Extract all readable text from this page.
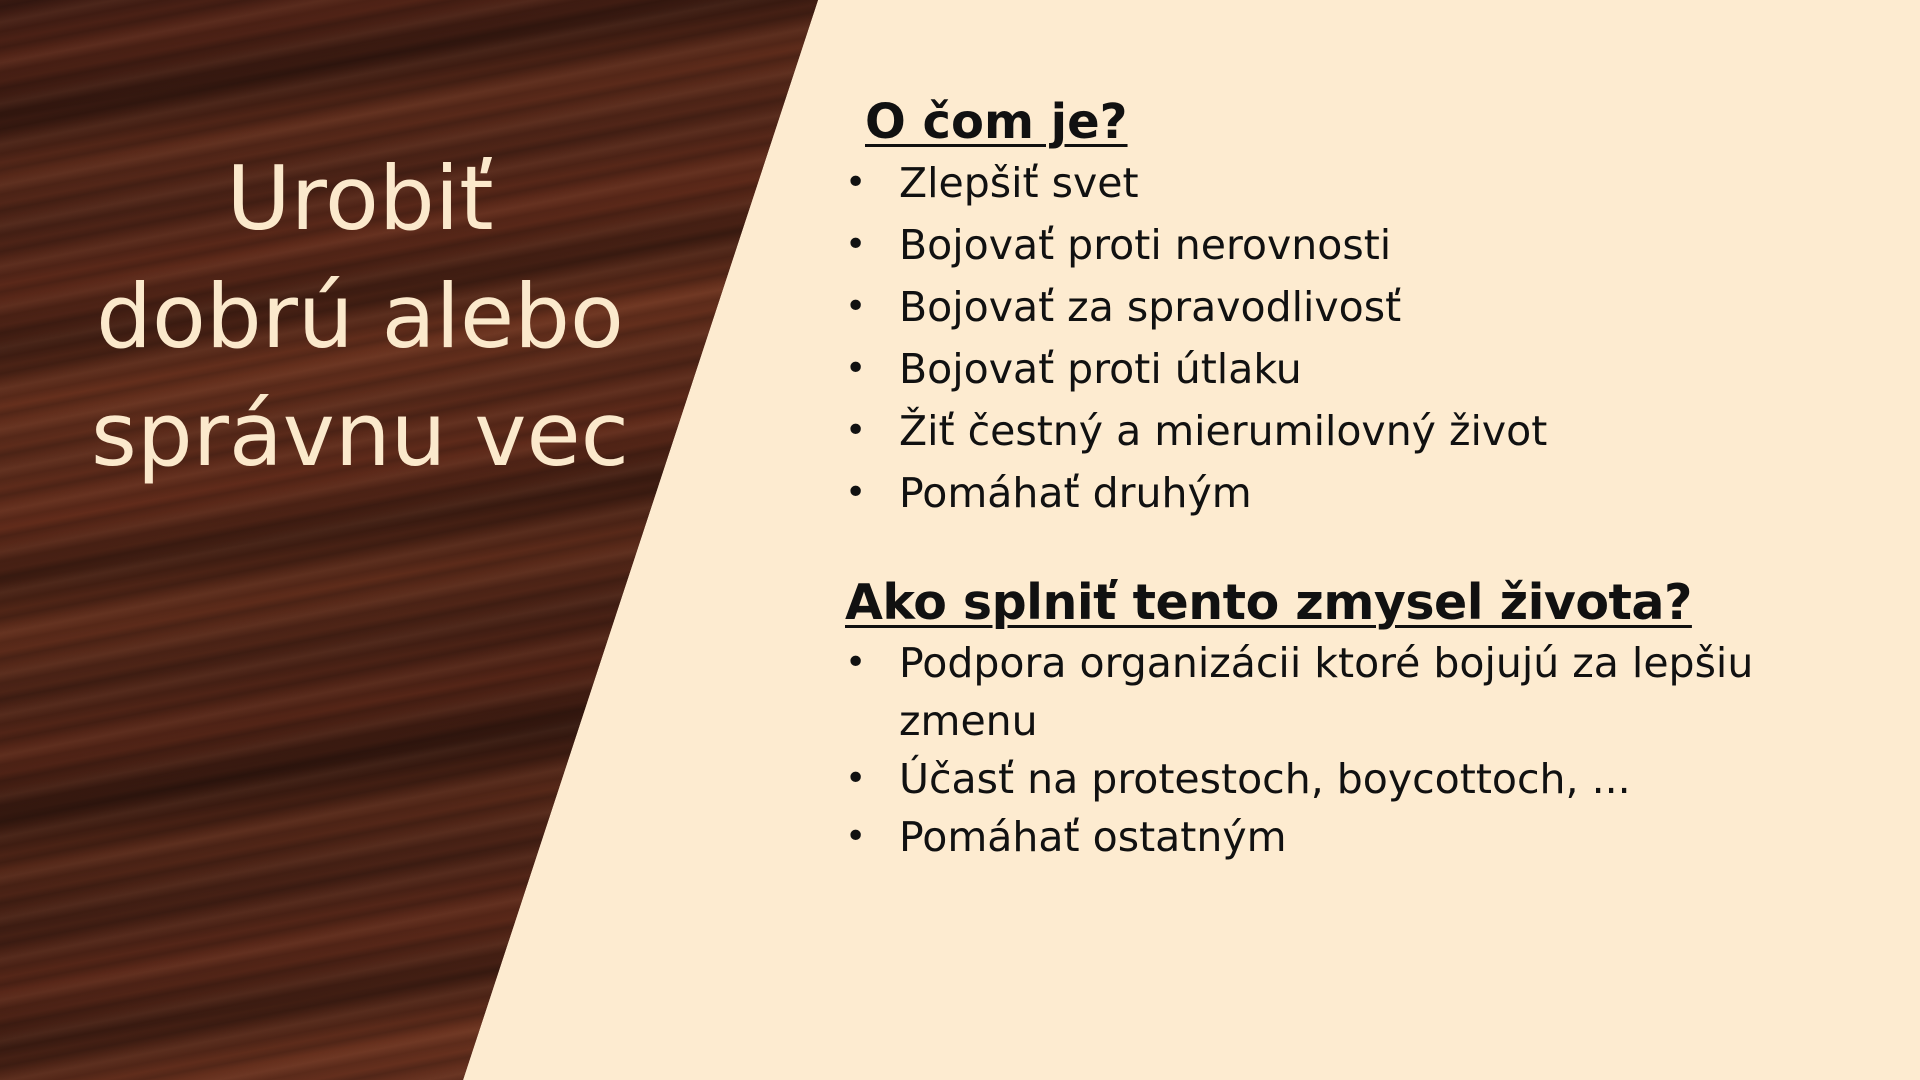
Urobiť
dobrú alebo
správnu vec
O čom je?
• Zlepšiť svet
• Bojovať proti nerovnosti
• Bojovať za spravodlivosť
• Bojovať proti útlaku
• Žiť čestný a mierumilovný život
• Pomáhať druhým
Ako splniť tento zmysel života?
• Podpora organizácii ktoré bojujú za lepšiu zmenu
• Účasť na protestoch, boycottoch, ...
• Pomáhať ostatným
